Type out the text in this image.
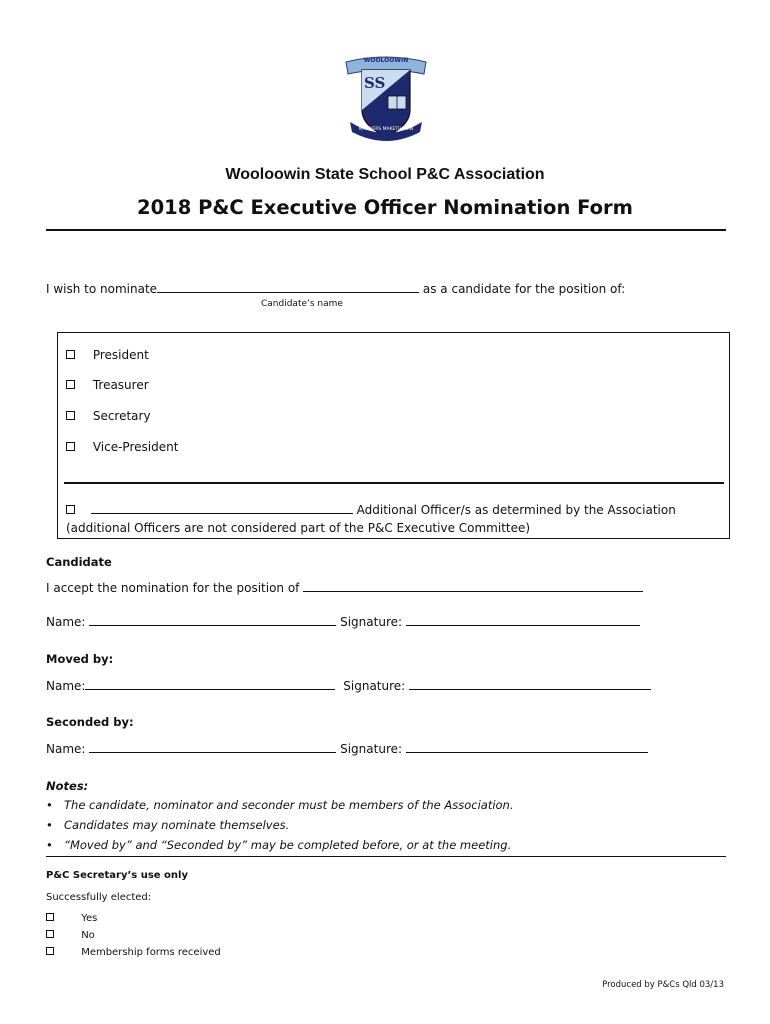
WOOLOOWIN
SS
MANNERS MAKETH MAN
Wooloowin State School P&C Association
2018 P&C Executive Officer Nomination Form
I wish to nominate	as a candidate for the position of:
Candidate’s name
President
Treasurer
Secretary
Vice-President
Additional Officer/s as determined by the Association
(additional Officers are not considered part of the P&C Executive Committee)
Candidate
I accept the nomination for the position of
Name:	Signature:
Moved by:
Name:	Signature:
Seconded by:
Name:	Signature:
Notes:
• The candidate, nominator and seconder must be members of the Association.
• Candidates may nominate themselves.
• “Moved by” and “Seconded by” may be completed before, or at the meeting.
P&C Secretary’s use only
Successfully elected:
Yes
No
Membership forms received
Produced by P&Cs Qld 03/13
